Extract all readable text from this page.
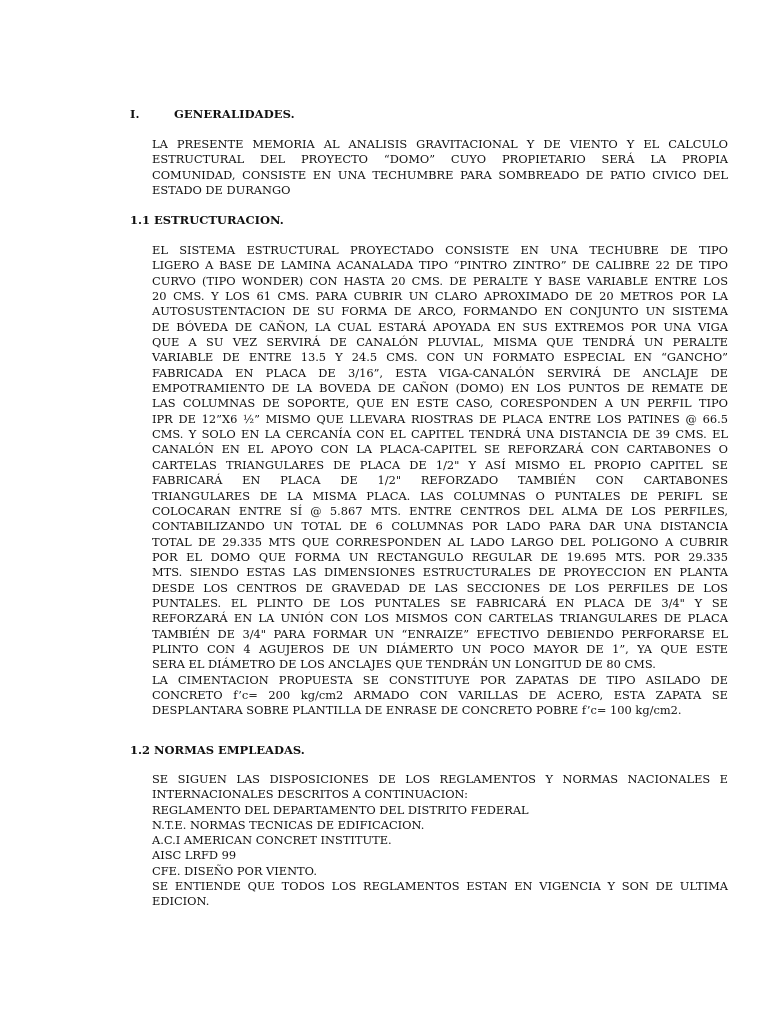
I.	GENERALIDADES.
LA PRESENTE MEMORIA AL ANALISIS GRAVITACIONAL Y DE VIENTO Y EL CALCULO
ESTRUCTURAL DEL PROYECTO “DOMO” CUYO PROPIETARIO SERÁ LA PROPIA
COMUNIDAD, CONSISTE EN UNA TECHUMBRE PARA SOMBREADO DE PATIO CIVICO DEL
ESTADO DE DURANGO
1.1 ESTRUCTURACION.
EL SISTEMA ESTRUCTURAL PROYECTADO CONSISTE EN UNA TECHUBRE DE TIPO
LIGERO A BASE DE LAMINA ACANALADA TIPO “PINTRO ZINTRO” DE CALIBRE 22 DE TIPO
CURVO (TIPO WONDER) CON HASTA 20 CMS. DE PERALTE Y BASE VARIABLE ENTRE LOS
20 CMS. Y LOS 61 CMS. PARA CUBRIR UN CLARO APROXIMADO DE 20 METROS POR LA
AUTOSUSTENTACION DE SU FORMA DE ARCO, FORMANDO EN CONJUNTO UN SISTEMA
DE BÓVEDA DE CAÑON, LA CUAL ESTARÁ APOYADA EN SUS EXTREMOS POR UNA VIGA
QUE A SU VEZ SERVIRÁ DE CANALÓN PLUVIAL, MISMA QUE TENDRÁ UN PERALTE
VARIABLE DE ENTRE 13.5 Y 24.5 CMS. CON UN FORMATO ESPECIAL EN “GANCHO”
FABRICADA EN PLACA DE 3/16”, ESTA VIGA-CANALÓN SERVIRÁ DE ANCLAJE DE
EMPOTRAMIENTO DE LA BOVEDA DE CAÑON (DOMO) EN LOS PUNTOS DE REMATE DE
LAS COLUMNAS DE SOPORTE, QUE EN ESTE CASO, CORESPONDEN A UN PERFIL TIPO
IPR DE 12”X6 ½” MISMO QUE LLEVARA RIOSTRAS DE PLACA ENTRE LOS PATINES @ 66.5
CMS. Y SOLO EN LA CERCANÍA CON EL CAPITEL TENDRÁ UNA DISTANCIA DE 39 CMS. EL
CANALÓN EN EL APOYO CON LA PLACA-CAPITEL SE REFORZARÁ CON CARTABONES O
CARTELAS TRIANGULARES DE PLACA DE 1/2" Y ASÍ MISMO EL PROPIO CAPITEL SE
FABRICARÁ EN PLACA DE 1/2" REFORZADO TAMBIÉN CON CARTABONES
TRIANGULARES DE LA MISMA PLACA. LAS COLUMNAS O PUNTALES DE PERIFL SE
COLOCARAN ENTRE SÍ @ 5.867 MTS. ENTRE CENTROS DEL ALMA DE LOS PERFILES,
CONTABILIZANDO UN TOTAL DE 6 COLUMNAS POR LADO PARA DAR UNA DISTANCIA
TOTAL DE 29.335 MTS QUE CORRESPONDEN AL LADO LARGO DEL POLIGONO A CUBRIR
POR EL DOMO QUE FORMA UN RECTANGULO REGULAR DE 19.695 MTS. POR 29.335
MTS. SIENDO ESTAS LAS DIMENSIONES ESTRUCTURALES DE PROYECCION EN PLANTA
DESDE LOS CENTROS DE GRAVEDAD DE LAS SECCIONES DE LOS PERFILES DE LOS
PUNTALES. EL PLINTO DE LOS PUNTALES SE FABRICARÁ EN PLACA DE 3/4" Y SE
REFORZARÁ EN LA UNIÓN CON LOS MISMOS CON CARTELAS TRIANGULARES DE PLACA
TAMBIÉN DE 3/4" PARA FORMAR UN “ENRAIZE” EFECTIVO DEBIENDO PERFORARSE EL
PLINTO CON 4 AGUJEROS DE UN DIÁMERTO UN POCO MAYOR DE 1”, YA QUE ESTE
SERA EL DIÁMETRO DE LOS ANCLAJES QUE TENDRÁN UN LONGITUD DE 80 CMS.
LA CIMENTACION PROPUESTA SE CONSTITUYE POR ZAPATAS DE TIPO ASILADO DE
CONCRETO f’c= 200 kg/cm2 ARMADO CON VARILLAS DE ACERO, ESTA ZAPATA SE
DESPLANTARA SOBRE PLANTILLA DE ENRASE DE CONCRETO POBRE f’c= 100 kg/cm2.
1.2 NORMAS EMPLEADAS.
SE SIGUEN LAS DISPOSICIONES DE LOS REGLAMENTOS Y NORMAS NACIONALES E
INTERNACIONALES DESCRITOS A CONTINUACION:
REGLAMENTO DEL DEPARTAMENTO DEL DISTRITO FEDERAL
N.T.E. NORMAS TECNICAS DE EDIFICACION.
A.C.I AMERICAN CONCRET INSTITUTE.
AISC LRFD 99
CFE. DISEÑO POR VIENTO.
SE ENTIENDE QUE TODOS LOS REGLAMENTOS ESTAN EN VIGENCIA Y SON DE ULTIMA
EDICION.
